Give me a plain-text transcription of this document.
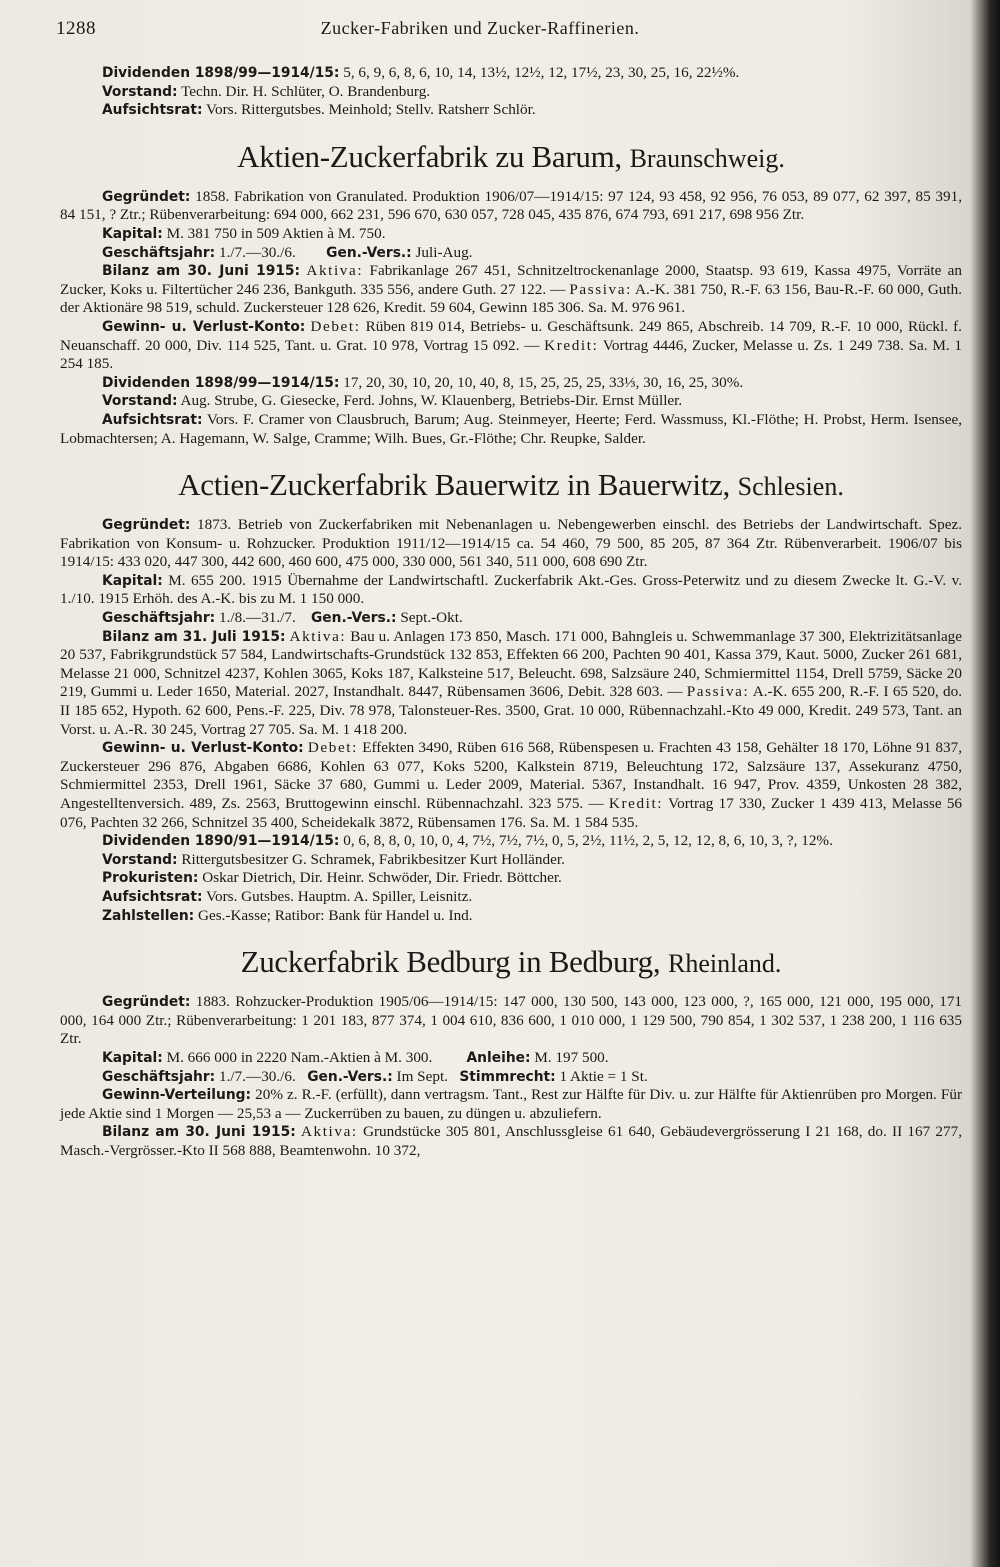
1288	Zucker-Fabriken und Zucker-Raffinerien.

Dividenden 1898/99—1914/15: 5, 6, 9, 6, 8, 6, 10, 14, 13½, 12½, 12, 17½, 23, 30, 25, 16, 22½%.

Vorstand: Techn. Dir. H. Schlüter, O. Brandenburg.

Aufsichtsrat: Vors. Rittergutsbes. Meinhold; Stellv. Ratsherr Schlör.

Aktien-Zuckerfabrik zu Barum, Braunschweig.

Gegründet: 1858. Fabrikation von Granulated. Produktion 1906/07—1914/15: 97 124, 93 458, 92 956, 76 053, 89 077, 62 397, 85 391, 84 151, ? Ztr.; Rübenverarbeitung: 694 000, 662 231, 596 670, 630 057, 728 045, 435 876, 674 793, 691 217, 698 956 Ztr.

Kapital: M. 381 750 in 509 Aktien à M. 750.

Geschäftsjahr: 1./7.—30./6. Gen.-Vers.: Juli-Aug.

Bilanz am 30. Juni 1915: Aktiva: Fabrikanlage 267 451, Schnitzeltrockenanlage 2000, Staatsp. 93 619, Kassa 4975, Vorräte an Zucker, Koks u. Filtertücher 246 236, Bankguth. 335 556, andere Guth. 27 122. — Passiva: A.-K. 381 750, R.-F. 63 156, Bau-R.-F. 60 000, Guth. der Aktionäre 98 519, schuld. Zuckersteuer 128 626, Kredit. 59 604, Gewinn 185 306. Sa. M. 976 961.

Gewinn- u. Verlust-Konto: Debet: Rüben 819 014, Betriebs- u. Geschäftsunk. 249 865, Abschreib. 14 709, R.-F. 10 000, Rückl. f. Neuanschaff. 20 000, Div. 114 525, Tant. u. Grat. 10 978, Vortrag 15 092. — Kredit: Vortrag 4446, Zucker, Melasse u. Zs. 1 249 738. Sa. M. 1 254 185.

Dividenden 1898/99—1914/15: 17, 20, 30, 10, 20, 10, 40, 8, 15, 25, 25, 25, 33⅓, 30, 16, 25, 30%.

Vorstand: Aug. Strube, G. Giesecke, Ferd. Johns, W. Klauenberg, Betriebs-Dir. Ernst Müller.

Aufsichtsrat: Vors. F. Cramer von Clausbruch, Barum; Aug. Steinmeyer, Heerte; Ferd. Wassmuss, Kl.-Flöthe; H. Probst, Herm. Isensee, Lobmachtersen; A. Hagemann, W. Salge, Cramme; Wilh. Bues, Gr.-Flöthe; Chr. Reupke, Salder.

Actien-Zuckerfabrik Bauerwitz in Bauerwitz, Schlesien.

Gegründet: 1873. Betrieb von Zuckerfabriken mit Nebenanlagen u. Nebengewerben einschl. des Betriebs der Landwirtschaft. Spez. Fabrikation von Konsum- u. Rohzucker. Produktion 1911/12—1914/15 ca. 54 460, 79 500, 85 205, 87 364 Ztr. Rübenverarbeit. 1906/07 bis 1914/15: 433 020, 447 300, 442 600, 460 600, 475 000, 330 000, 561 340, 511 000, 608 690 Ztr.

Kapital: M. 655 200. 1915 Übernahme der Landwirtschaftl. Zuckerfabrik Akt.-Ges. Gross-Peterwitz und zu diesem Zwecke lt. G.-V. v. 1./10. 1915 Erhöh. des A.-K. bis zu M. 1 150 000.

Geschäftsjahr: 1./8.—31./7. Gen.-Vers.: Sept.-Okt.

Bilanz am 31. Juli 1915: Aktiva: Bau u. Anlagen 173 850, Masch. 171 000, Bahngleis u. Schwemmanlage 37 300, Elektrizitätsanlage 20 537, Fabrikgrundstück 57 584, Landwirtschafts-Grundstück 132 853, Effekten 66 200, Pachten 90 401, Kassa 379, Kaut. 5000, Zucker 261 681, Melasse 21 000, Schnitzel 4237, Kohlen 3065, Koks 187, Kalksteine 517, Beleucht. 698, Salzsäure 240, Schmiermittel 1154, Drell 5759, Säcke 20 219, Gummi u. Leder 1650, Material. 2027, Instandhalt. 8447, Rübensamen 3606, Debit. 328 603. — Passiva: A.-K. 655 200, R.-F. I 65 520, do. II 185 652, Hypoth. 62 600, Pens.-F. 225, Div. 78 978, Talonsteuer-Res. 3500, Grat. 10 000, Rübennachzahl.-Kto 49 000, Kredit. 249 573, Tant. an Vorst. u. A.-R. 30 245, Vortrag 27 705. Sa. M. 1 418 200.

Gewinn- u. Verlust-Konto: Debet: Effekten 3490, Rüben 616 568, Rübenspesen u. Frachten 43 158, Gehälter 18 170, Löhne 91 837, Zuckersteuer 296 876, Abgaben 6686, Kohlen 63 077, Koks 5200, Kalkstein 8719, Beleuchtung 172, Salzsäure 137, Assekuranz 4750, Schmiermittel 2353, Drell 1961, Säcke 37 680, Gummi u. Leder 2009, Material. 5367, Instandhalt. 16 947, Prov. 4359, Unkosten 28 382, Angestelltenversich. 489, Zs. 2563, Bruttogewinn einschl. Rübennachzahl. 323 575. — Kredit: Vortrag 17 330, Zucker 1 439 413, Melasse 56 076, Pachten 32 266, Schnitzel 35 400, Scheidekalk 3872, Rübensamen 176. Sa. M. 1 584 535.

Dividenden 1890/91—1914/15: 0, 6, 8, 8, 0, 10, 0, 4, 7½, 7½, 7½, 0, 5, 2½, 11½, 2, 5, 12, 12, 8, 6, 10, 3, ?, 12%.

Vorstand: Rittergutsbesitzer G. Schramek, Fabrikbesitzer Kurt Holländer.

Prokuristen: Oskar Dietrich, Dir. Heinr. Schwöder, Dir. Friedr. Böttcher.

Aufsichtsrat: Vors. Gutsbes. Hauptm. A. Spiller, Leisnitz.

Zahlstellen: Ges.-Kasse; Ratibor: Bank für Handel u. Ind.

Zuckerfabrik Bedburg in Bedburg, Rheinland.

Gegründet: 1883. Rohzucker-Produktion 1905/06—1914/15: 147 000, 130 500, 143 000, 123 000, ?, 165 000, 121 000, 195 000, 171 000, 164 000 Ztr.; Rübenverarbeitung: 1 201 183, 877 374, 1 004 610, 836 600, 1 010 000, 1 129 500, 790 854, 1 302 537, 1 238 200, 1 116 635 Ztr.

Kapital: M. 666 000 in 2220 Nam.-Aktien à M. 300. Anleihe: M. 197 500.

Geschäftsjahr: 1./7.—30./6. Gen.-Vers.: Im Sept. Stimmrecht: 1 Aktie = 1 St.

Gewinn-Verteilung: 20% z. R.-F. (erfüllt), dann vertragsm. Tant., Rest zur Hälfte für Div. u. zur Hälfte für Aktienrüben pro Morgen. Für jede Aktie sind 1 Morgen — 25,53 a — Zuckerrüben zu bauen, zu düngen u. abzuliefern.

Bilanz am 30. Juni 1915: Aktiva: Grundstücke 305 801, Anschlussgleise 61 640, Gebäudevergrösserung I 21 168, do. II 167 277, Masch.-Vergrösser.-Kto II 568 888, Beamtenwohn. 10 372,
